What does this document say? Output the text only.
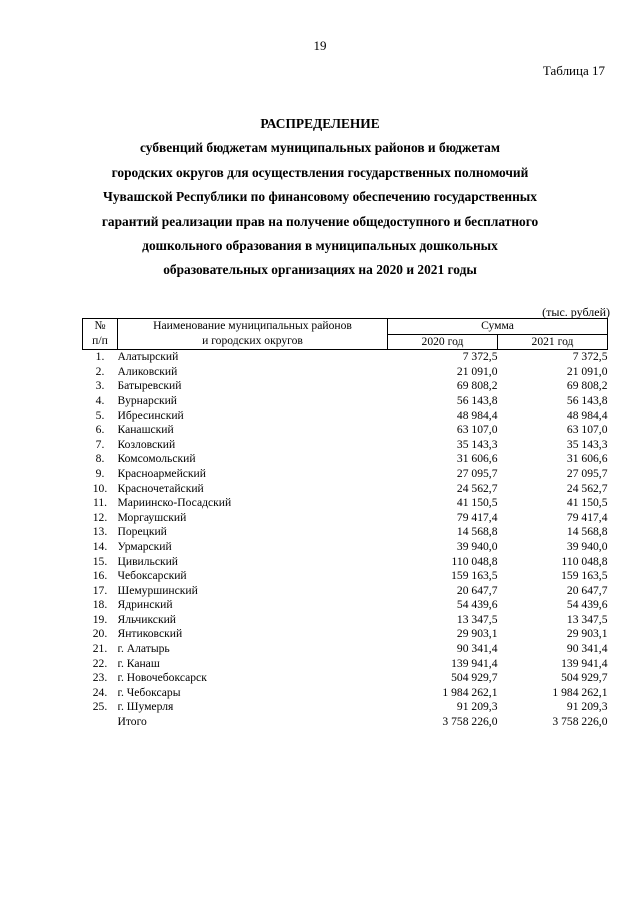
19
Таблица 17
РАСПРЕДЕЛЕНИЕ
субвенций бюджетам муниципальных районов и бюджетам
городских округов для осуществления государственных полномочий
Чувашской Республики по финансовому обеспечению государственных
гарантий реализации прав на получение общедоступного и бесплатного
дошкольного образования в муниципальных дошкольных
образовательных организациях на 2020 и 2021 годы
(тыс. рублей)
№	Наименование муниципальных районов	Сумма	
п/п	и городских округов	2020 год	2021 год
1.	Алатырский	7 372,5	7 372,5
2.	Аликовский	21 091,0	21 091,0
3.	Батыревский	69 808,2	69 808,2
4.	Вурнарский	56 143,8	56 143,8
5.	Ибресинский	48 984,4	48 984,4
6.	Канашский	63 107,0	63 107,0
7.	Козловский	35 143,3	35 143,3
8.	Комсомольский	31 606,6	31 606,6
9.	Красноармейский	27 095,7	27 095,7
10.	Красночетайский	24 562,7	24 562,7
11.	Мариинско-Посадский	41 150,5	41 150,5
12.	Моргаушский	79 417,4	79 417,4
13.	Порецкий	14 568,8	14 568,8
14.	Урмарский	39 940,0	39 940,0
15.	Цивильский	110 048,8	110 048,8
16.	Чебоксарский	159 163,5	159 163,5
17.	Шемуршинский	20 647,7	20 647,7
18.	Ядринский	54 439,6	54 439,6
19.	Яльчикский	13 347,5	13 347,5
20.	Янтиковский	29 903,1	29 903,1
21.	г. Алатырь	90 341,4	90 341,4
22.	г. Канаш	139 941,4	139 941,4
23.	г. Новочебоксарск	504 929,7	504 929,7
24.	г. Чебоксары	1 984 262,1	1 984 262,1
25.	г. Шумерля	91 209,3	91 209,3
	Итого	3 758 226,0	3 758 226,0
